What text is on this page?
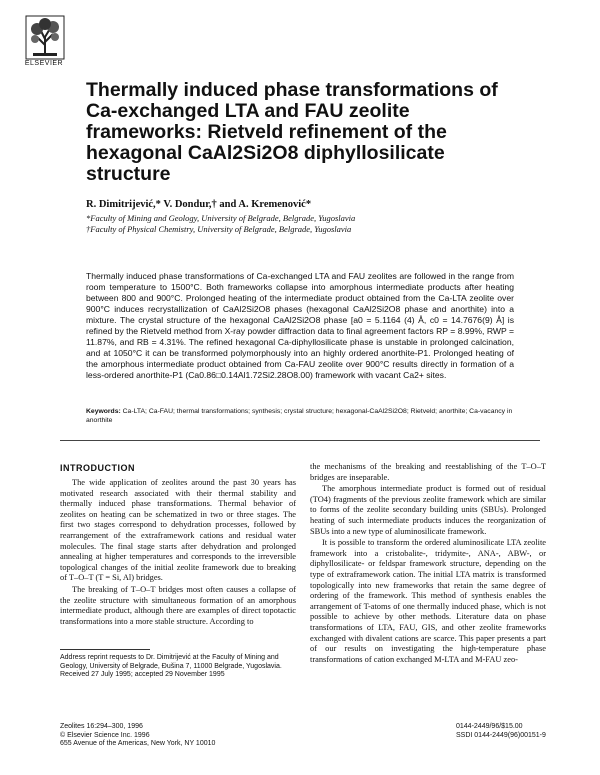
ELSEVIER
Thermally induced phase transformations of Ca-exchanged LTA and FAU zeolite frameworks: Rietveld refinement of the hexagonal CaAl2Si2O8 diphyllosilicate structure
R. Dimitrijević,* V. Dondur,† and A. Kremenović*
*Faculty of Mining and Geology, University of Belgrade, Belgrade, Yugoslavia
†Faculty of Physical Chemistry, University of Belgrade, Belgrade, Yugoslavia

Thermally induced phase transformations of Ca-exchanged LTA and FAU zeolites are followed in the range from room temperature to 1500°C. Both frameworks collapse into amorphous intermediate products after heating between 800 and 900°C. Prolonged heating of the intermediate product obtained from the Ca-LTA zeolite over 900°C induces recrystallization of CaAl2Si2O8 phases (hexagonal CaAl2Si2O8 phase and anorthite) into a mixture. The crystal structure of the hexagonal CaAl2Si2O8 phase [a0 = 5.1164 (4) Å, c0 = 14.7676(9) Å] is refined by the Rietveld method from X-ray powder diffraction data to final agreement factors RP = 8.99%, RWP = 11.87%, and RB = 4.31%. The refined hexagonal Ca-diphyllosilicate phase is unstable in prolonged calcination, and at 1050°C it can be transformed polymorphously into an highly ordered anorthite-P1. Prolonged heating of the amorphous intermediate product obtained from Ca-FAU zeolite over 900°C results directly in formation of a less-ordered anorthite-P1 (Ca0.86□0.14Al1.72Si2.28O8.00) framework with vacant Ca2+ sites.

Keywords: Ca-LTA; Ca-FAU; thermal transformations; synthesis; crystal structure; hexagonal-CaAl2Si2O8; Rietveld; anorthite; Ca-vacancy in anorthite
INTRODUCTION

The wide application of zeolites around the past 30 years has motivated research associated with their thermal stability and thermally induced phase transformations. Thermal behavior of zeolites on heating can be schematized in two or three stages. The first two stages correspond to dehydration processes, followed by rearrangement of the extraframework cations and residual water molecules. The final stage starts after dehydration and prolonged annealing at higher temperatures and corresponds to the irreversible topological changes of the initial zeolite framework due to breaking of T–O–T (T = Si, Al) bridges.

The breaking of T–O–T bridges most often causes a collapse of the zeolite structure with simultaneous formation of an amorphous intermediate product, although there are examples of direct topotactic transformations into a more stable structure. According to

the mechanisms of the breaking and reestablishing of the T–O–T bridges are inseparable.

The amorphous intermediate product is formed out of residual (TO4) fragments of the previous zeolite framework which are similar to forms of the zeolite secondary building units (SBUs). Prolonged heating of such intermediate products induces the reorganization of SBUs into a new type of aluminosilicate framework.

It is possible to transform the ordered aluminosilicate LTA zeolite framework into a cristobalite-, tridymite-, ANA-, ABW-, or diphyllosilicate- or feldspar framework structure, depending on the type of extraframework cation. The initial LTA matrix is transformed topologically into new frameworks that retain the same degree of ordering of the framework. This method of synthesis enables the arrangement of T-atoms of one thermally induced phase, which is not possible to achieve by other methods. Literature data on phase transformations of LTA, FAU, GIS, and other zeolite frameworks exchanged with divalent cations are scarce. This paper presents a part of our results on investigating the high-temperature phase transformations of cation exchanged M-LTA and M-FAU zeo-

Address reprint requests to Dr. Dimitrijević at the Faculty of Mining and Geology, University of Belgrade, Đušina 7, 11000 Belgrade, Yugoslavia.
Received 27 July 1995; accepted 29 November 1995
Zeolites 16:294–300, 1996
© Elsevier Science Inc. 1996
655 Avenue of the Americas, New York, NY 10010
0144-2449/96/$15.00
SSDI 0144-2449(96)00151-9
